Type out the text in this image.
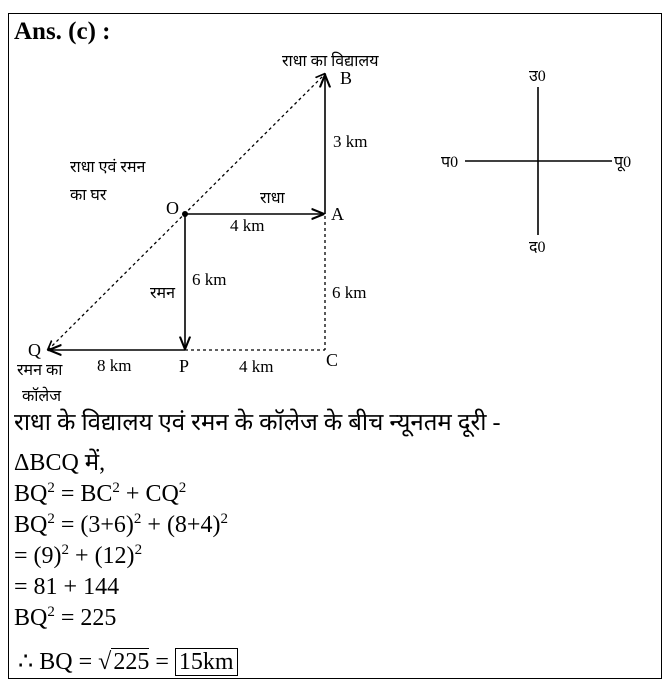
Ans. (c) :
राधा का विद्यालय
B
3 km
राधा एवं रमन
का घर
O	राधा
A
4 km
6 km
रमन	6 km
Q
8 km	P	4 km	C
रमन का
कॉलेज
उ0
द0
प0	पू0
राधा के विद्यालय एवं रमन के कॉलेज के बीच न्यूनतम दूरी -
ΔBCQ में,
$BQ^2 = BC^2 + CQ^2$
$BQ^2 = (3+6)^2 + (8+4)^2$
= $(9)^2 + (12)^2$
= 81 + 144
$BQ^2 = 225$
∴ BQ = √225 = 15km
